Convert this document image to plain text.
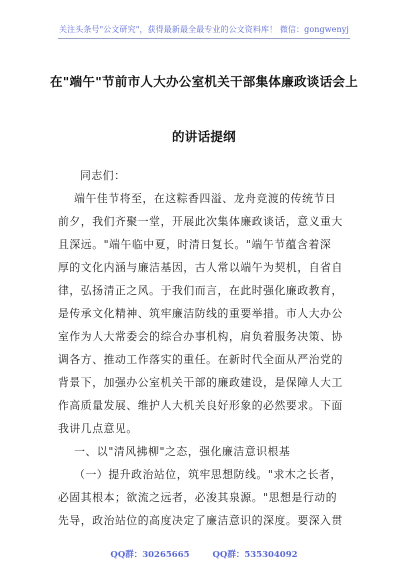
关注头条号"公文研究"，获得最新最全最专业的公文资料库！ 微信：gongwenyj
在"端午"节前市人大办公室机关干部集体廉政谈话会上
的讲话提纲
同志们：
端午佳节将至，在这粽香四溢、龙舟竞渡的传统节日
前夕，我们齐聚一堂，开展此次集体廉政谈话，意义重大
且深远。"端午临中夏，时清日复长。"端午节蕴含着深
厚的文化内涵与廉洁基因，古人常以端午为契机，自省自
律，弘扬清正之风。于我们而言，在此时强化廉政教育，
是传承文化精神、筑牢廉洁防线的重要举措。市人大办公
室作为人大常委会的综合办事机构，肩负着服务决策、协
调各方、推动工作落实的重任。在新时代全面从严治党的
背景下，加强办公室机关干部的廉政建设，是保障人大工
作高质量发展、维护人大机关良好形象的必然要求。下面
我讲几点意见。
一、以"清风拂柳"之态，强化廉洁意识根基
（一）提升政治站位，筑牢思想防线。"求木之长者，
必固其根本；欲流之远者，必浚其泉源。"思想是行动的
先导，政治站位的高度决定了廉洁意识的深度。要深入贯
QQ群：30265665	QQ群：535304092
